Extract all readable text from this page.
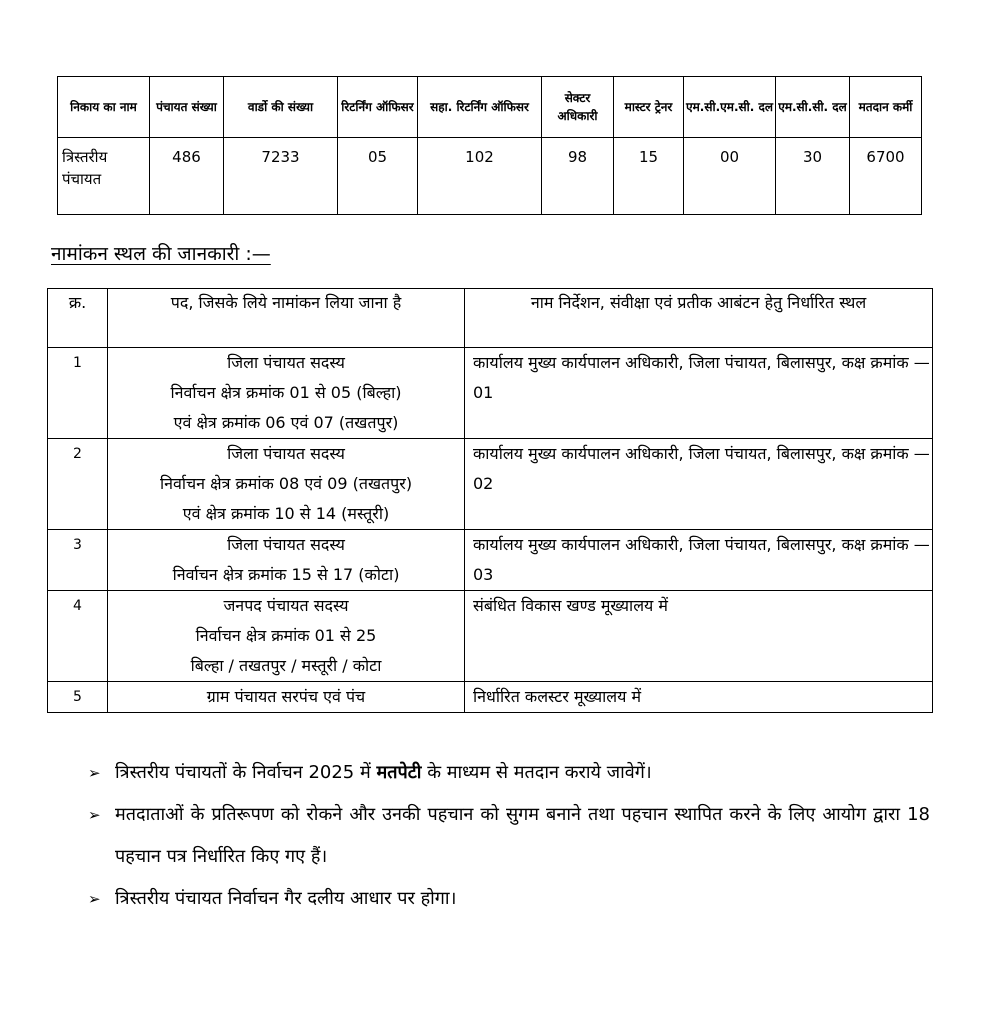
निकाय का नाम	पंचायत संख्या	वार्डो की संख्या	रिटर्निंग ऑफिसर	सहा. रिटर्निंग ऑफिसर	सेक्टर अधिकारी	मास्टर ट्रेनर	एम.सी.एम.सी. दल	एम.सी.सी. दल	मतदान कर्मी
त्रिस्तरीय पंचायत	486	7233	05	102	98	15	00	30	6700
नामांकन स्थल की जानकारी :—
क्र.	पद, जिसके लिये नामांकन लिया जाना है	नाम निर्देशन, संवीक्षा एवं प्रतीक आबंटन हेतु निर्धारित स्थल
1	जिला पंचायत सदस्य
निर्वाचन क्षेत्र क्रमांक 01 से 05 (बिल्हा)
एवं क्षेत्र क्रमांक 06 एवं 07 (तखतपुर)	कार्यालय मुख्य कार्यपालन अधिकारी, जिला पंचायत, बिलासपुर, कक्ष क्रमांक — 01
2	जिला पंचायत सदस्य
निर्वाचन क्षेत्र क्रमांक 08 एवं 09 (तखतपुर)
एवं क्षेत्र क्रमांक 10 से 14 (मस्तूरी)	कार्यालय मुख्य कार्यपालन अधिकारी, जिला पंचायत, बिलासपुर, कक्ष क्रमांक — 02
3	जिला पंचायत सदस्य
निर्वाचन क्षेत्र क्रमांक 15 से 17 (कोटा)	कार्यालय मुख्य कार्यपालन अधिकारी, जिला पंचायत, बिलासपुर, कक्ष क्रमांक — 03
4	जनपद पंचायत सदस्य
निर्वाचन क्षेत्र क्रमांक 01 से 25
बिल्हा / तखतपुर / मस्तूरी / कोटा	संबंधित विकास खण्ड मूख्यालय में
5	ग्राम पंचायत सरपंच एवं पंच	निर्धारित कलस्टर मूख्यालय में
➢ त्रिस्तरीय पंचायतों के निर्वाचन 2025 में मतपेटी के माध्यम से मतदान कराये जावेगें।
➢ मतदाताओं के प्रतिरूपण को रोकने और उनकी पहचान को सुगम बनाने तथा पहचान स्थापित करने के लिए आयोग द्वारा 18 पहचान पत्र निर्धारित किए गए हैं।
➢ त्रिस्तरीय पंचायत निर्वाचन गैर दलीय आधार पर होगा।
